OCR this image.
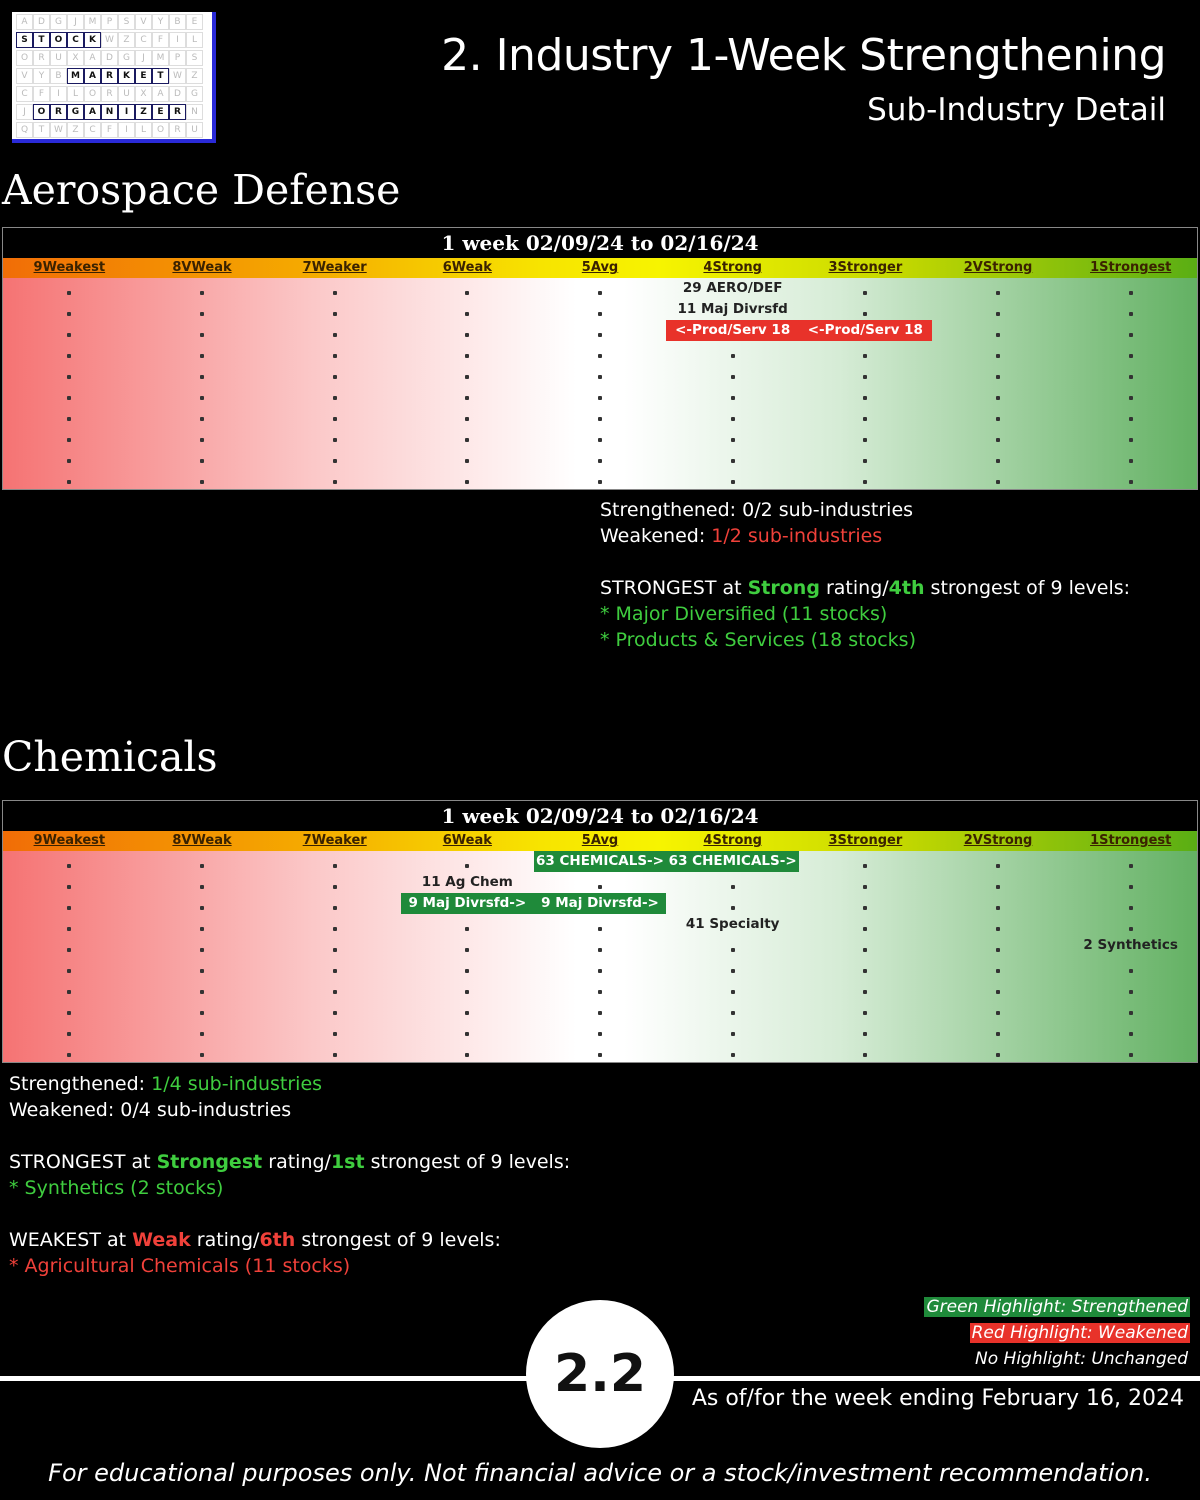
A	D	G	J	M	P	S	V	Y	B	E
S	T	O	C	K	W	Z	C	F	I	L
O	R	U	X	A	D	G	J	M	P	S
V	Y	B	M	A	R	K	E	T	W	Z
C	F	I	L	O	R	U	X	A	D	G
J	O	R	G	A	N	I	Z	E	R	N
Q	T	W	Z	C	F	I	L	O	R	U
2. Industry 1-Week Strengthening
Sub-Industry Detail
Aerospace Defense
1 week 02/09/24 to 02/16/24
9Weakest	8VWeak	7Weaker	6Weak	5Avg	4Strong	3Stronger	2VStrong	1Strongest
29 AERO/DEF
11 Maj Divrsfd
<-Prod/Serv 18	<-Prod/Serv 18
Strengthened: 0/2 sub-industries
Weakened: 1/2 sub-industries
STRONGEST at Strong rating/4th strongest of 9 levels:
* Major Diversified (11 stocks)
* Products & Services (18 stocks)
Chemicals
1 week 02/09/24 to 02/16/24
9Weakest	8VWeak	7Weaker	6Weak	5Avg	4Strong	3Stronger	2VStrong	1Strongest
11 Ag Chem
41 Specialty
2 Synthetics
63 CHEMICALS-> 63 CHEMICALS->
9 Maj Divrsfd->	9 Maj Divrsfd->
Strengthened: 1/4 sub-industries
Weakened: 0/4 sub-industries
STRONGEST at Strongest rating/1st strongest of 9 levels:
* Synthetics (2 stocks)
WEAKEST at Weak rating/6th strongest of 9 levels:
* Agricultural Chemicals (11 stocks)
Green Highlight: Strengthened
Red Highlight: Weakened
No Highlight: Unchanged
2.2	As of/for the week ending February 16, 2024
For educational purposes only. Not financial advice or a stock/investment recommendation.
